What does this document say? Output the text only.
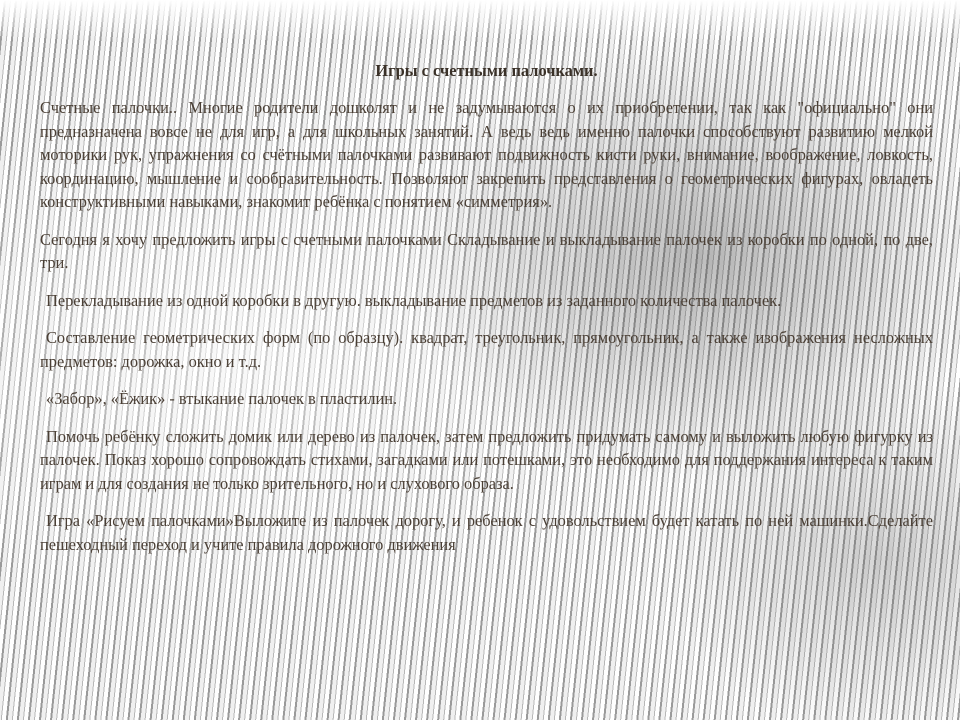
Игры с счетными палочками.

Счетные палочки.. Многие родители дошколят и не задумываются о их приобретении, так как "официально" они предназначена вовсе не для игр, а для школьных занятий. А ведь ведь именно палочки способствуют развитию мелкой моторики рук, упражнения со счётными палочками развивают подвижность кисти руки, внимание, воображение, ловкость, координацию, мышление и сообразительность. Позволяют закрепить представления о геометрических фигурах, овладеть конструктивными навыками, знакомит ребёнка с понятием «симметрия».

Сегодня я хочу предложить игры с счетными палочками Складывание и выкладывание палочек из коробки по одной, по две, три.

Перекладывание из одной коробки в другую. выкладывание предметов из заданного количества палочек.

Составление геометрических форм (по образцу). квадрат, треугольник, прямоугольник, а также изображения несложных предметов: дорожка, окно и т.д.

«Забор», «Ёжик» - втыкание палочек в пластилин.

Помочь ребёнку сложить домик или дерево из палочек, затем предложить придумать самому и выложить любую фигурку из палочек. Показ хорошо сопровождать стихами, загадками или потешками, это необходимо для поддержания интереса к таким играм и для создания не только зрительного, но и слухового образа.

Игра «Рисуем палочками»Выложите из палочек дорогу, и ребенок с удовольствием будет катать по ней машинки.Сделайте пешеходный переход и учите правила дорожного движения
